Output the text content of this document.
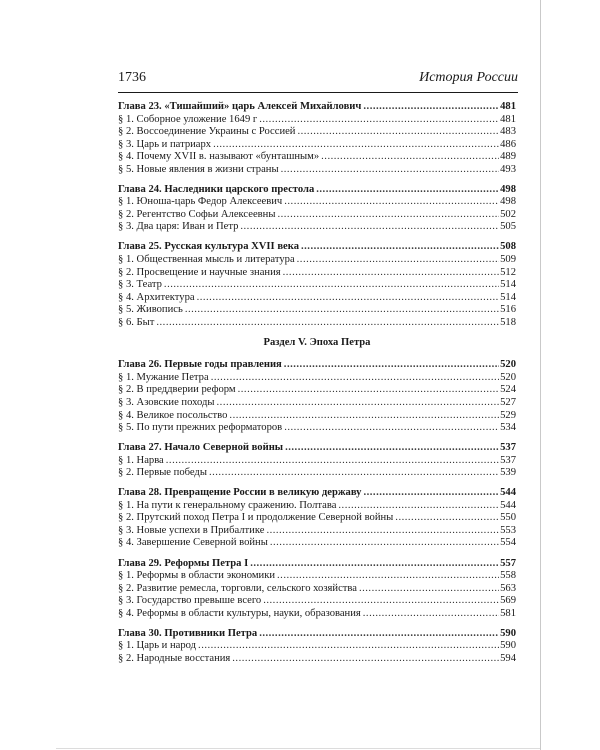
1736	История России
Глава 23. «Тишайший» царь Алексей Михайлович .....	481
§ 1. Соборное уложение 1649 г .....	481
§ 2. Воссоединение Украины с Россией .....	483
§ 3. Царь и патриарх .....	486
§ 4. Почему XVII в. называют «бунташным» .....	489
§ 5. Новые явления в жизни страны .....	493
Глава 24. Наследники царского престола .....	498
§ 1. Юноша-царь Федор Алексеевич .....	498
§ 2. Регентство Софьи Алексеевны .....	502
§ 3. Два царя: Иван и Петр .....	505
Глава 25. Русская культура XVII века .....	508
§ 1. Общественная мысль и литература .....	509
§ 2. Просвещение и научные знания .....	512
§ 3. Театр .....	514
§ 4. Архитектура .....	514
§ 5. Живопись .....	516
§ 6. Быт .....	518
Раздел V. Эпоха Петра
Глава 26. Первые годы правления .....	520
§ 1. Мужание Петра .....	520
§ 2. В преддверии реформ .....	524
§ 3. Азовские походы .....	527
§ 4. Великое посольство .....	529
§ 5. По пути прежних реформаторов .....	534
Глава 27. Начало Северной войны .....	537
§ 1. Нарва .....	537
§ 2. Первые победы .....	539
Глава 28. Превращение России в великую державу .....	544
§ 1. На пути к генеральному сражению. Полтава .....	544
§ 2. Прутский поход Петра I и продолжение Северной войны .....	550
§ 3. Новые успехи в Прибалтике .....	553
§ 4. Завершение Северной войны .....	554
Глава 29. Реформы Петра I .....	557
§ 1. Реформы в области экономики .....	558
§ 2. Развитие ремесла, торговли, сельского хозяйства .....	563
§ 3. Государство превыше всего .....	569
§ 4. Реформы в области культуры, науки, образования .....	581
Глава 30. Противники Петра .....	590
§ 1. Царь и народ .....	590
§ 2. Народные восстания .....	594
